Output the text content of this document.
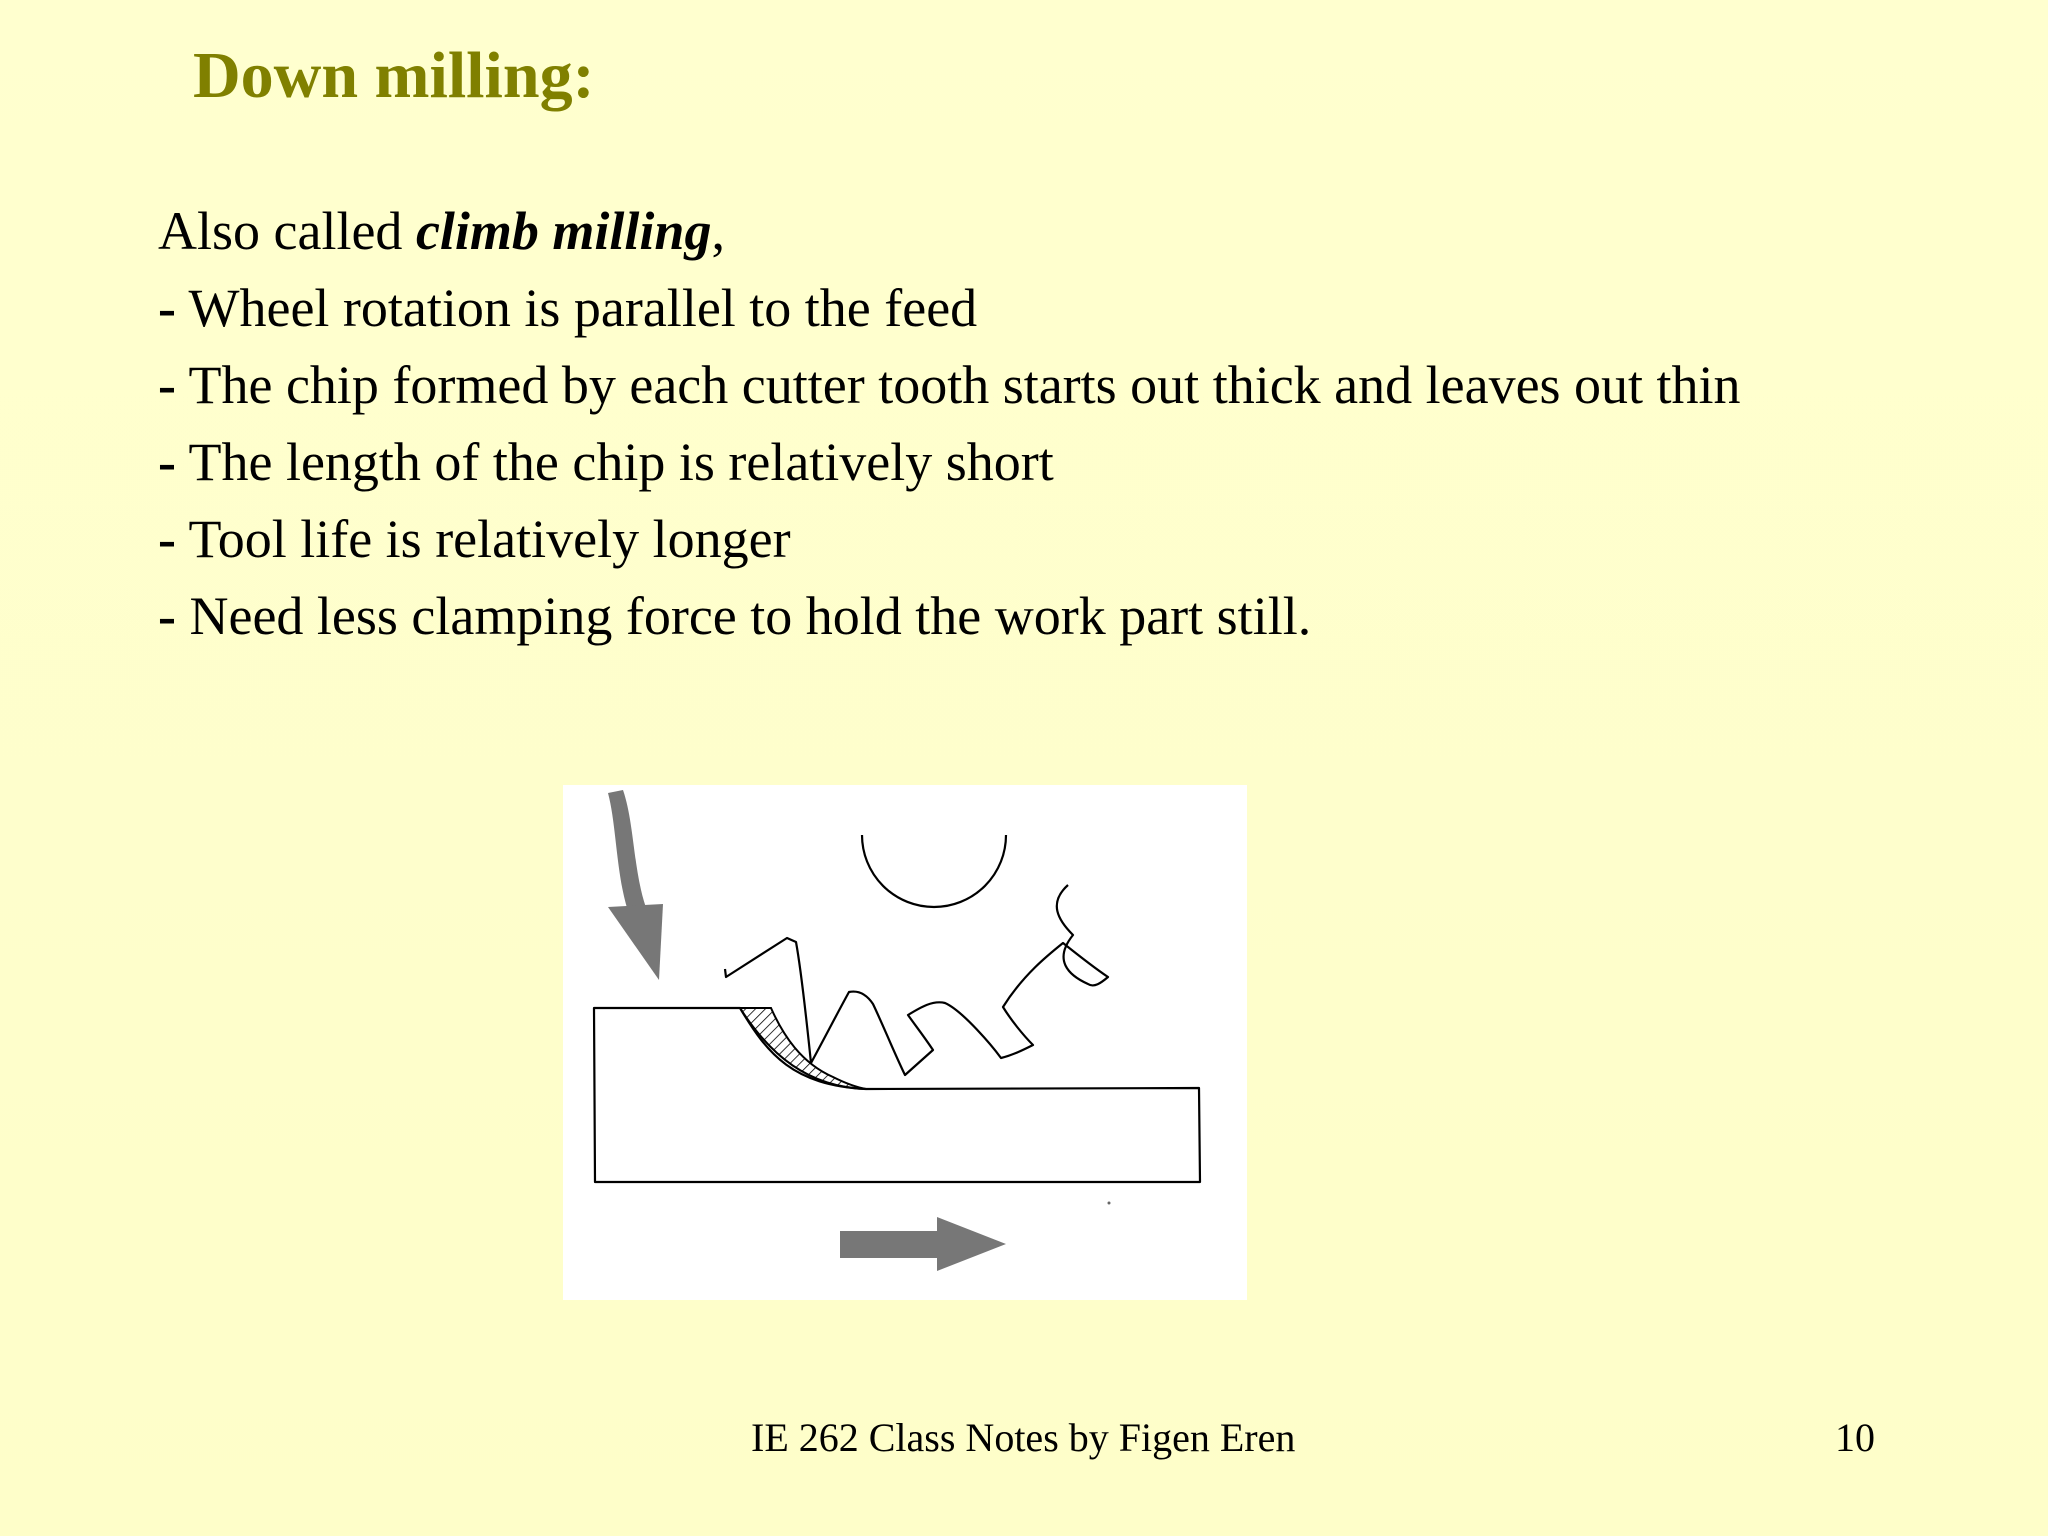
Down milling:
Also called climb milling,
- Wheel rotation is parallel to the feed
- The chip formed by each cutter tooth starts out thick and leaves out thin
- The length of the chip is relatively short
- Tool life is relatively longer
- Need less clamping force to hold the work part still.
IE 262 Class Notes by Figen Eren	10
